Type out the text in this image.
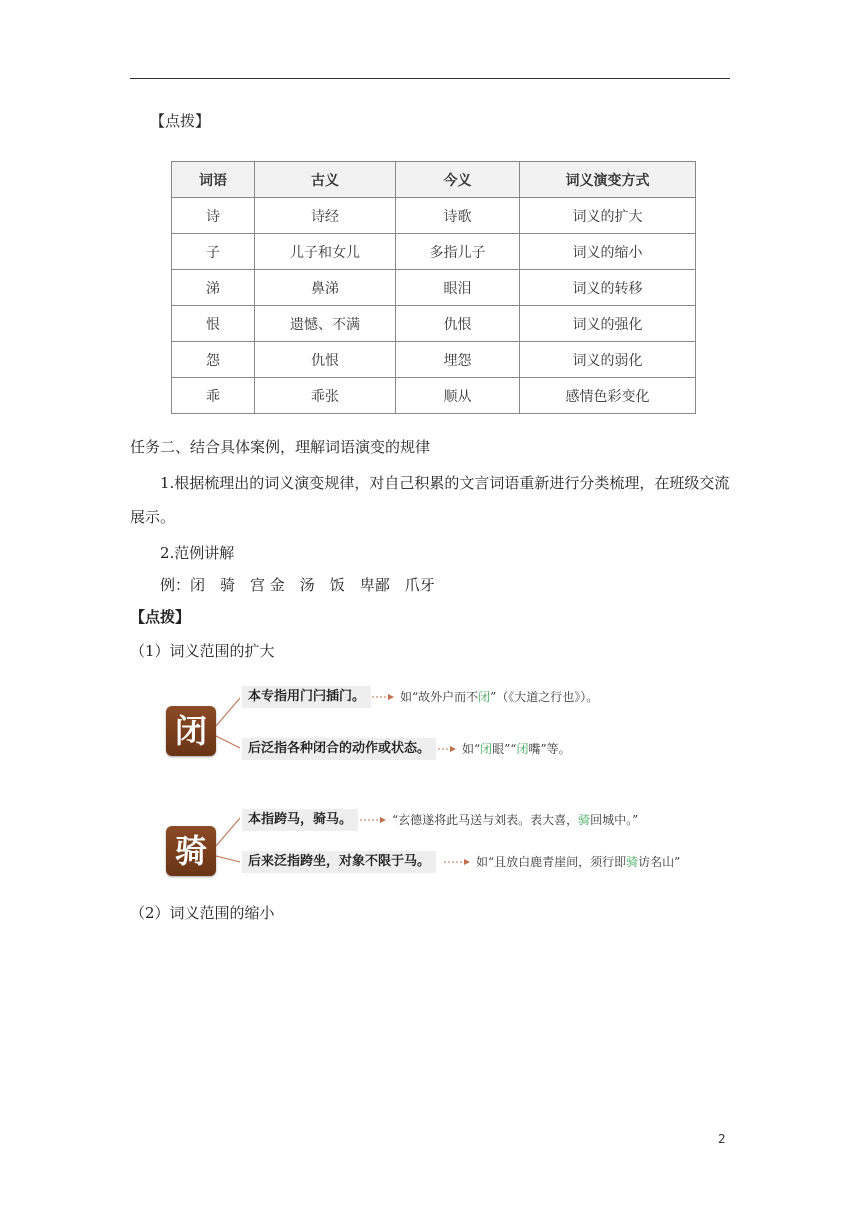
【点拨】
词语	古义	今义	词义演变方式
诗	诗经	诗歌	词义的扩大
子	儿子和女儿	多指儿子	词义的缩小
涕	鼻涕	眼泪	词义的转移
恨	遗憾、不满	仇恨	词义的强化
怨	仇恨	埋怨	词义的弱化
乖	乖张	顺从	感情色彩变化
任务二、结合具体案例，理解词语演变的规律
1.根据梳理出的词义演变规律，对自己积累的文言词语重新进行分类梳理，在班级交流
展示。
2.范例讲解
例：闭　骑　宫 金　汤　饭　卑鄙　爪牙
【点拨】
（1）词义范围的扩大
闭
本专指用门闩插门。	如“故外户而不闭”（《大道之行也》）。
后泛指各种闭合的动作或状态。	如“闭眼”“闭嘴”等。
骑
本指跨马，骑马。	“玄德遂将此马送与刘表。表大喜，骑回城中。”
后来泛指跨坐，对象不限于马。	如“且放白鹿青崖间，须行即骑访名山”
（2）词义范围的缩小
2
